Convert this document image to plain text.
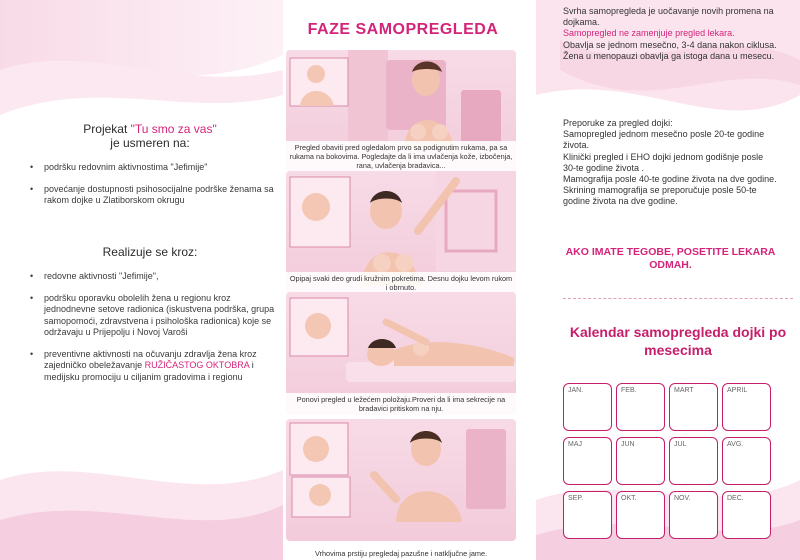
Projekat "Tu smo za vas"
je usmeren na:
• podršku redovnim aktivnostima "Jefimije"
• povećanje dostupnosti psihosocijalne podrške ženama sa rakom dojke u Zlatiborskom okrugu
Realizuje se kroz:
• redovne aktivnosti "Jefimije",
• podršku oporavku obolelih žena u regionu kroz jednodnevne setove radionica (iskustvena podrška, grupa samopomoći, zdravstvena i psihološka radionica) koje se održavaju u Prijepolju i Novoj Varoši
• preventivne aktivnosti na očuvanju zdravlja žena kroz zajedničko obeležavanje RUŽIČASTOG OKTOBRA i medijsku promociju u ciljanim gradovima i regionu
FAZE SAMOPREGLEDA
Pregled obaviti pred ogledalom prvo sa podignutim rukama, pa sa rukama na bokovima. Pogledajte da li ima uvlačenja kože, izbočenja, rana, uvlačenja bradavica...
Opipaj svaki deo grudi kružnim pokretima. Desnu dojku levom rukom i obrnuto.
Ponovi pregled u ležećem položaju.Proveri da li ima sekrecije na bradavici pritiskom na nju.
Vrhovima prstiju pregledaj pazušne i natključne jame.

Svrha samopregleda je uočavanje novih promena na dojkama.

Samopregled ne zamenjuje pregled lekara.

Obavlja se jednom mesečno, 3-4 dana nakon ciklusa.

Žena u menopauzi obavlja ga istoga dana u mesecu.

Preporuke za pregled dojki:

Samopregled jednom mesečno posle 20-te godine života.

Klinički pregled i EHO dojki jednom godišnje posle 30-te godine života .

Mamografija posle 40-te godine života na dve godine.

Skrining mamografija se preporučuje posle 50-te godine života na dve godine.

AKO IMATE TEGOBE, POSETITE LEKARA ODMAH.
Kalendar samopregleda dojki po mesecima
JAN.	FEB.	MART	APRIL
MAJ	JUN	JUL	AVG.
SEP.	OKT.	NOV.	DEC.
